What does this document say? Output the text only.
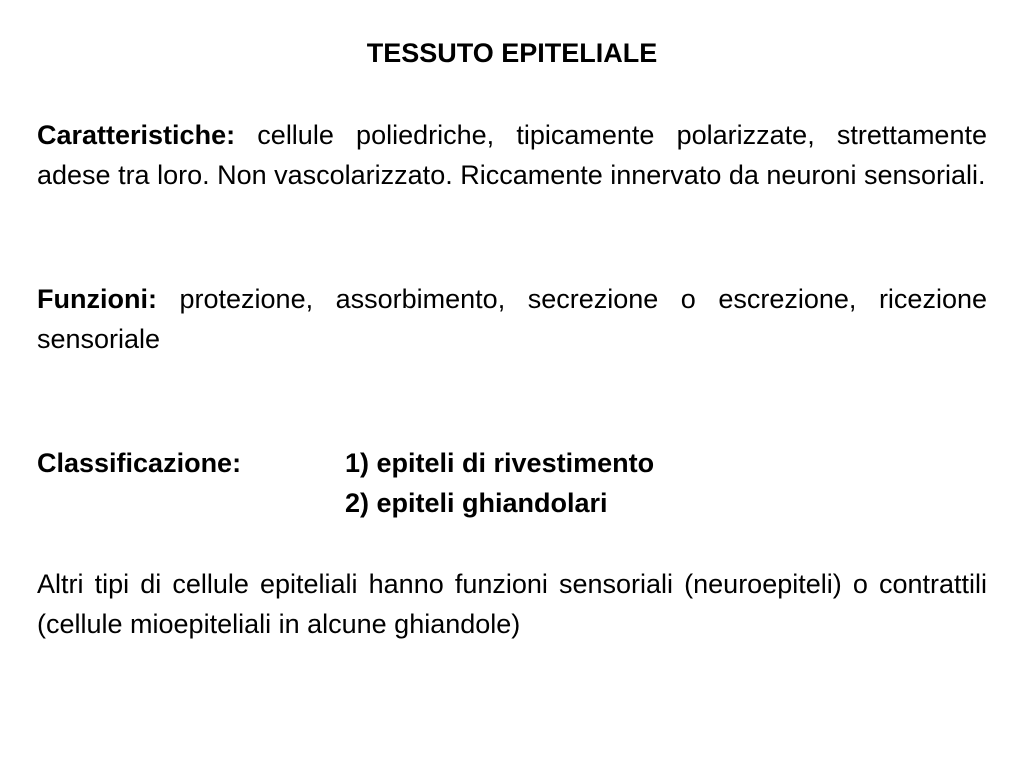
TESSUTO EPITELIALE
Caratteristiche: cellule poliedriche, tipicamente polarizzate, strettamente adese tra loro. Non vascolarizzato. Riccamente innervato da neuroni sensoriali.
Funzioni: protezione, assorbimento, secrezione o escrezione, ricezione sensoriale
Classificazione:	1) epiteli di rivestimento
2) epiteli ghiandolari
Altri tipi di cellule epiteliali hanno funzioni sensoriali (neuroepiteli) o contrattili (cellule mioepiteliali in alcune ghiandole)
